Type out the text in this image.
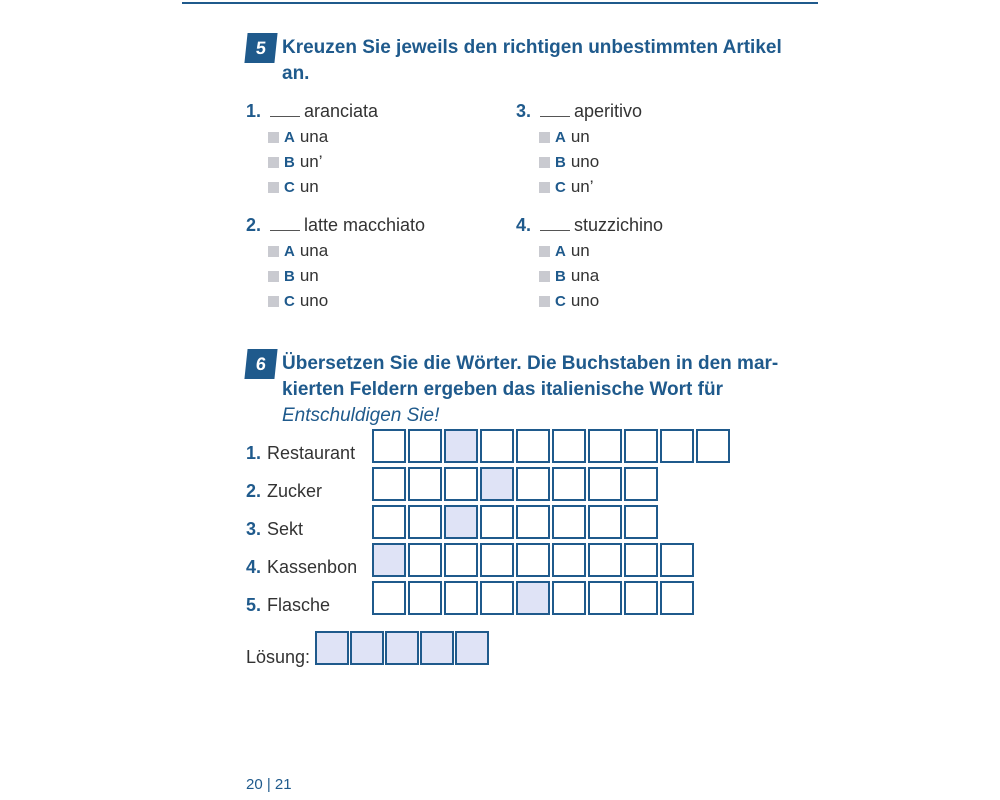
5 Kreuzen Sie jeweils den richtigen unbestimmten Artikel
an.
1. aranciata
A una
B un’
C un
2. latte macchiato
A una
B un
C uno
3. aperitivo
A un
B uno
C un’
4. stuzzichino
A un
B una
C uno
6 Übersetzen Sie die Wörter. Die Buchstaben in den mar-
kierten Feldern ergeben das italienische Wort für
Entschuldigen Sie!
1. Restaurant
2. Zucker
3. Sekt
4. Kassenbon
5. Flasche
Lösung:
20 | 21
